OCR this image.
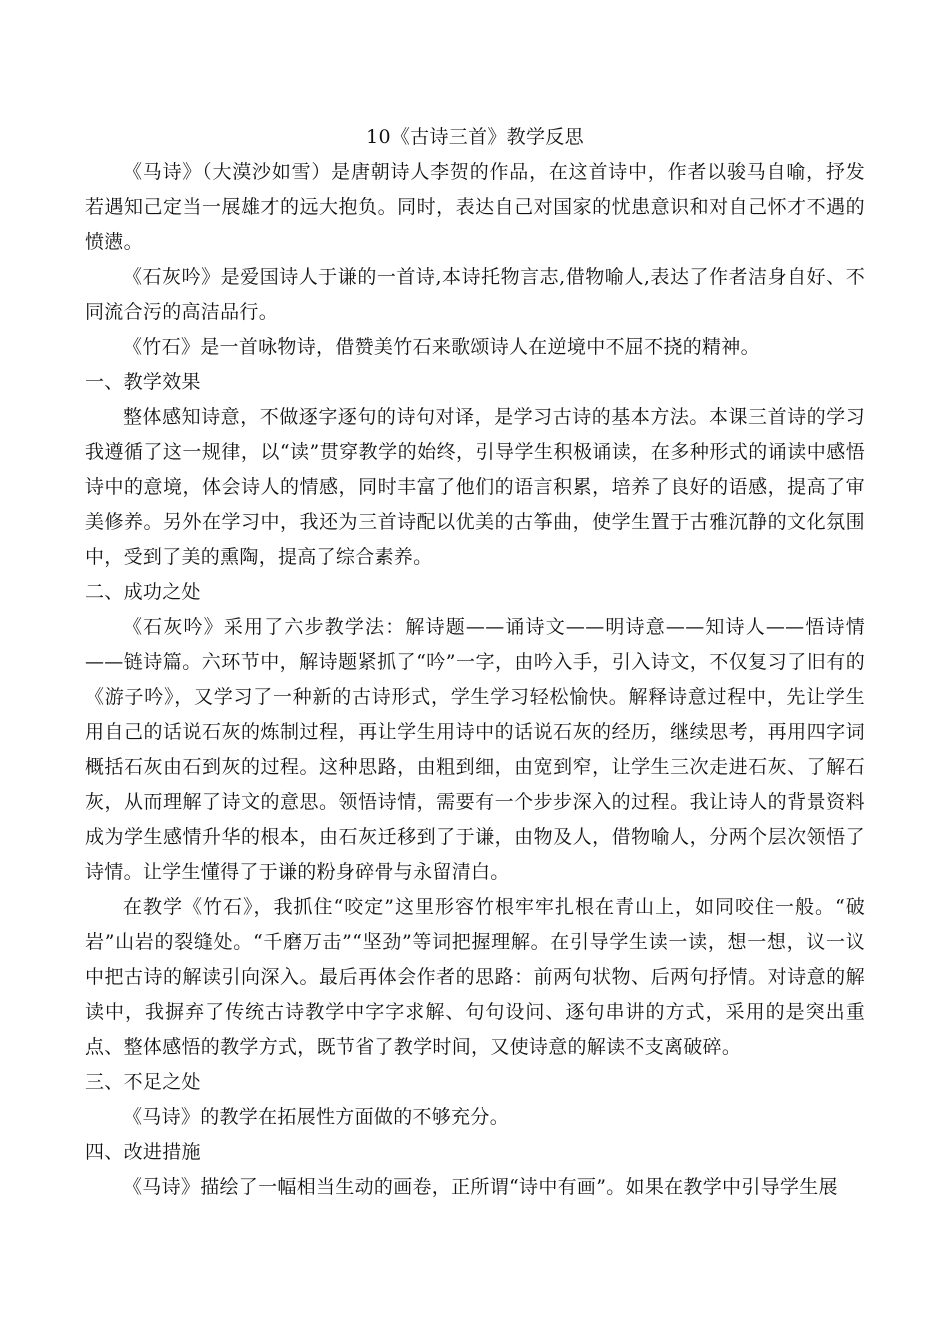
10《古诗三首》教学反思

《马诗》（大漠沙如雪）是唐朝诗人李贺的作品，在这首诗中，作者以骏马自喻，抒发若遇知己定当一展雄才的远大抱负。同时，表达自己对国家的忧患意识和对自己怀才不遇的愤懑。

《石灰吟》是爱国诗人于谦的一首诗,本诗托物言志,借物喻人,表达了作者洁身自好、不同流合污的高洁品行。

《竹石》是一首咏物诗，借赞美竹石来歌颂诗人在逆境中不屈不挠的精神。

一、教学效果

整体感知诗意，不做逐字逐句的诗句对译，是学习古诗的基本方法。本课三首诗的学习我遵循了这一规律，以“读”贯穿教学的始终，引导学生积极诵读，在多种形式的诵读中感悟诗中的意境，体会诗人的情感，同时丰富了他们的语言积累，培养了良好的语感，提高了审美修养。另外在学习中，我还为三首诗配以优美的古筝曲，使学生置于古雅沉静的文化氛围中，受到了美的熏陶，提高了综合素养。

二、成功之处

《石灰吟》采用了六步教学法：解诗题——诵诗文——明诗意——知诗人——悟诗情——链诗篇。六环节中，解诗题紧抓了“吟”一字，由吟入手，引入诗文，不仅复习了旧有的《游子吟》，又学习了一种新的古诗形式，学生学习轻松愉快。解释诗意过程中，先让学生用自己的话说石灰的炼制过程，再让学生用诗中的话说石灰的经历，继续思考，再用四字词概括石灰由石到灰的过程。这种思路，由粗到细，由宽到窄，让学生三次走进石灰、了解石灰，从而理解了诗文的意思。领悟诗情，需要有一个步步深入的过程。我让诗人的背景资料成为学生感情升华的根本，由石灰迁移到了于谦，由物及人，借物喻人，分两个层次领悟了诗情。让学生懂得了于谦的粉身碎骨与永留清白。

在教学《竹石》，我抓住“咬定”这里形容竹根牢牢扎根在青山上，如同咬住一般。“破岩”山岩的裂缝处。“千磨万击”“坚劲”等词把握理解。在引导学生读一读，想一想，议一议中把古诗的解读引向深入。最后再体会作者的思路：前两句状物、后两句抒情。对诗意的解读中，我摒弃了传统古诗教学中字字求解、句句设问、逐句串讲的方式，采用的是突出重点、整体感悟的教学方式，既节省了教学时间，又使诗意的解读不支离破碎。

三、不足之处

《马诗》的教学在拓展性方面做的不够充分。

四、改进措施

《马诗》描绘了一幅相当生动的画卷，正所谓“诗中有画”。如果在教学中引导学生展
